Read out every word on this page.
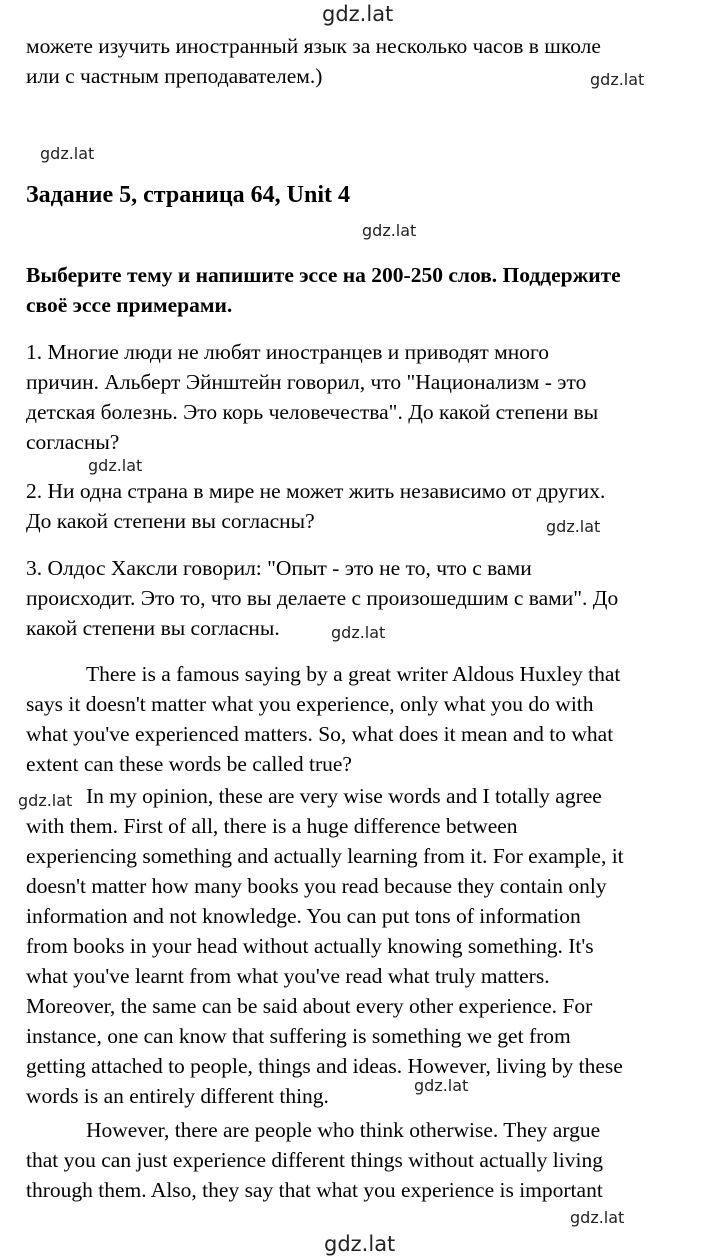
gdz.lat
gdz.lat
gdz.lat
gdz.lat
gdz.lat
gdz.lat
gdz.lat
gdz.lat
gdz.lat
gdz.lat
gdz.lat
можете изучить иностранный язык за несколько часов в школе
или с частным преподавателем.)
Задание 5, страница 64, Unit 4
Выберите тему и напишите эссе на 200-250 слов. Поддержите
своё эссе примерами.
1. Многие люди не любят иностранцев и приводят много
причин. Альберт Эйнштейн говорил, что "Национализм - это
детская болезнь. Это корь человечества". До какой степени вы
согласны?
2. Ни одна страна в мире не может жить независимо от других.
До какой степени вы согласны?
3. Олдос Хаксли говорил: "Опыт - это не то, что с вами
происходит. Это то, что вы делаете с произошедшим с вами". До
какой степени вы согласны.
There is a famous saying by a great writer Aldous Huxley that
says it doesn't matter what you experience, only what you do with
what you've experienced matters. So, what does it mean and to what
extent can these words be called true?
In my opinion, these are very wise words and I totally agree
with them. First of all, there is a huge difference between
experiencing something and actually learning from it. For example, it
doesn't matter how many books you read because they contain only
information and not knowledge. You can put tons of information
from books in your head without actually knowing something. It's
what you've learnt from what you've read what truly matters.
Moreover, the same can be said about every other experience. For
instance, one can know that suffering is something we get from
getting attached to people, things and ideas. However, living by these
words is an entirely different thing.
However, there are people who think otherwise. They argue
that you can just experience different things without actually living
through them. Also, they say that what you experience is important
